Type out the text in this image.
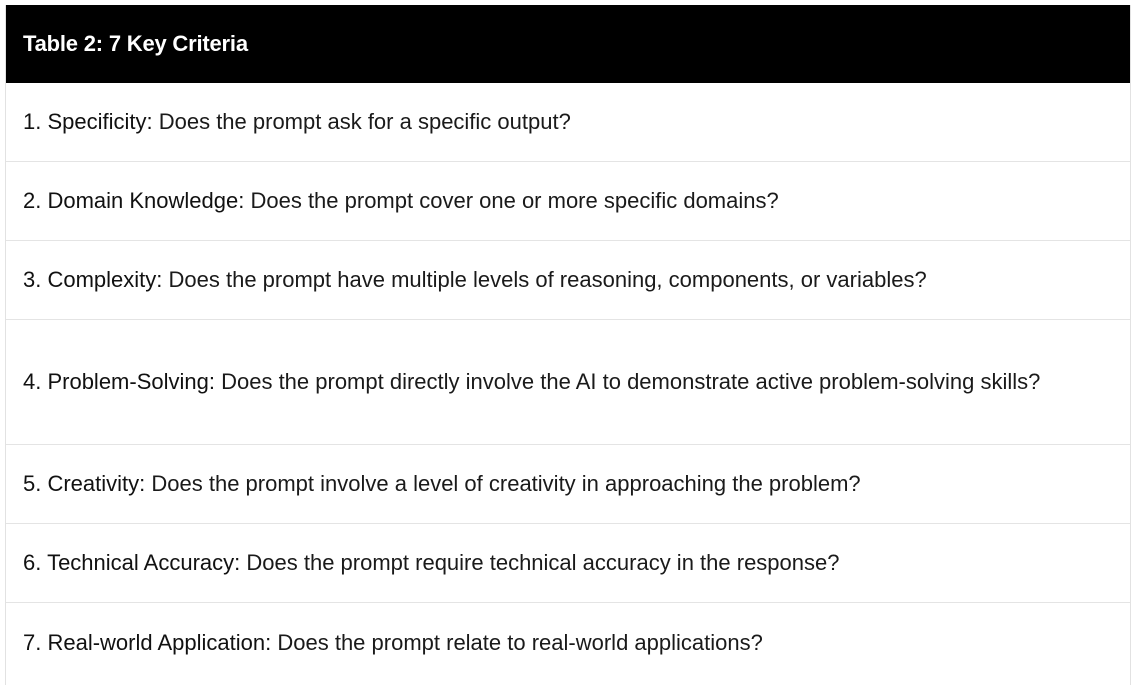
Table 2: 7 Key Criteria
1. Specificity: Does the prompt ask for a specific output?
2. Domain Knowledge: Does the prompt cover one or more specific domains?
3. Complexity: Does the prompt have multiple levels of reasoning, components, or variables?
4. Problem-Solving: Does the prompt directly involve the AI to demonstrate active problem-solving skills?
5. Creativity: Does the prompt involve a level of creativity in approaching the problem?
6. Technical Accuracy: Does the prompt require technical accuracy in the response?
7. Real-world Application: Does the prompt relate to real-world applications?
